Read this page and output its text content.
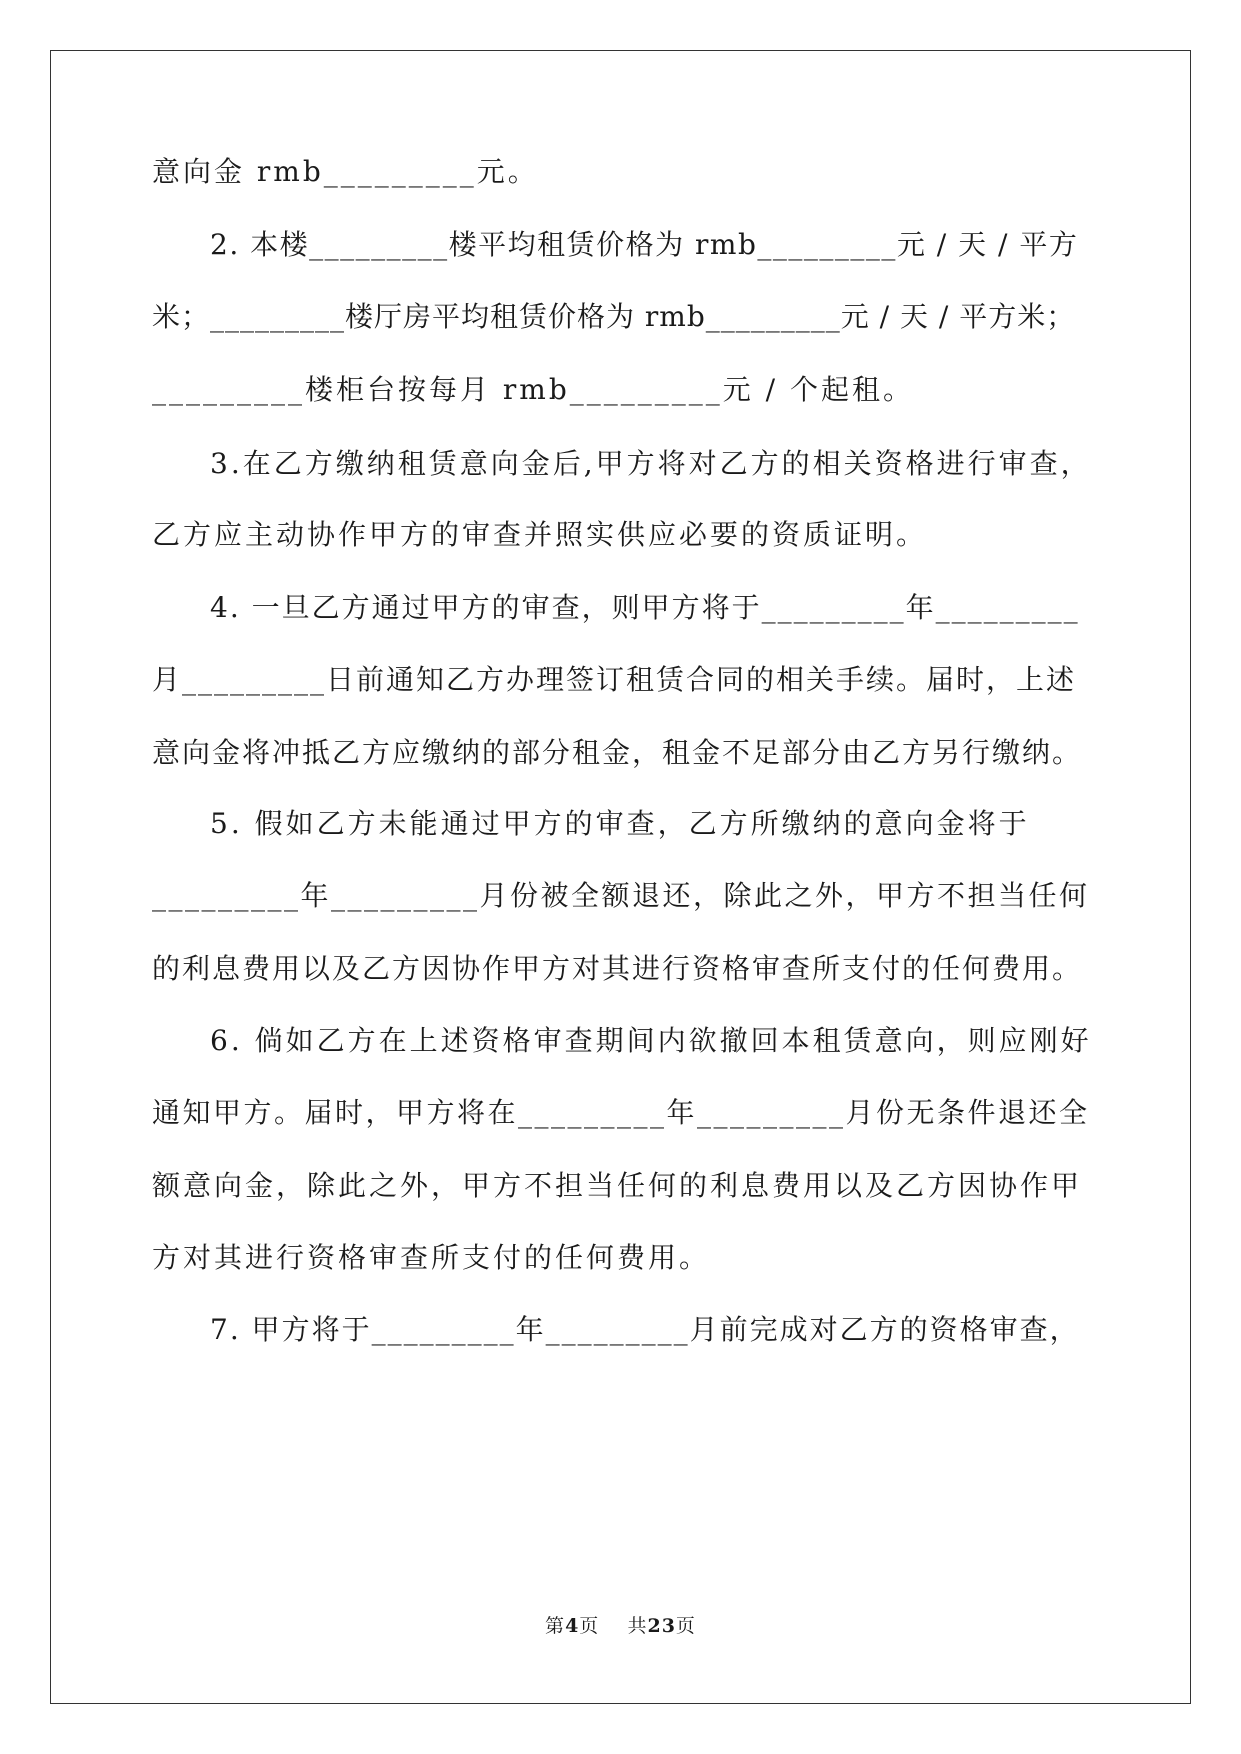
意向金 rmb_________元。
2. 本楼_________楼平均租赁价格为 rmb_________元 / 天 / 平方
米；_________楼厅房平均租赁价格为 rmb_________元 / 天 / 平方米；
_________楼柜台按每月 rmb_________元 / 个起租。
3.在乙方缴纳租赁意向金后,甲方将对乙方的相关资格进行审查，
乙方应主动协作甲方的审查并照实供应必要的资质证明。
4. 一旦乙方通过甲方的审查，则甲方将于_________年_________
月_________日前通知乙方办理签订租赁合同的相关手续。届时，上述
意向金将冲抵乙方应缴纳的部分租金，租金不足部分由乙方另行缴纳。
5. 假如乙方未能通过甲方的审查，乙方所缴纳的意向金将于
_________年_________月份被全额退还，除此之外，甲方不担当任何
的利息费用以及乙方因协作甲方对其进行资格审查所支付的任何费用。
6. 倘如乙方在上述资格审查期间内欲撤回本租赁意向，则应刚好
通知甲方。届时，甲方将在_________年_________月份无条件退还全
额意向金，除此之外，甲方不担当任何的利息费用以及乙方因协作甲
方对其进行资格审查所支付的任何费用。
7. 甲方将于_________年_________月前完成对乙方的资格审查，
第4页    共23页
